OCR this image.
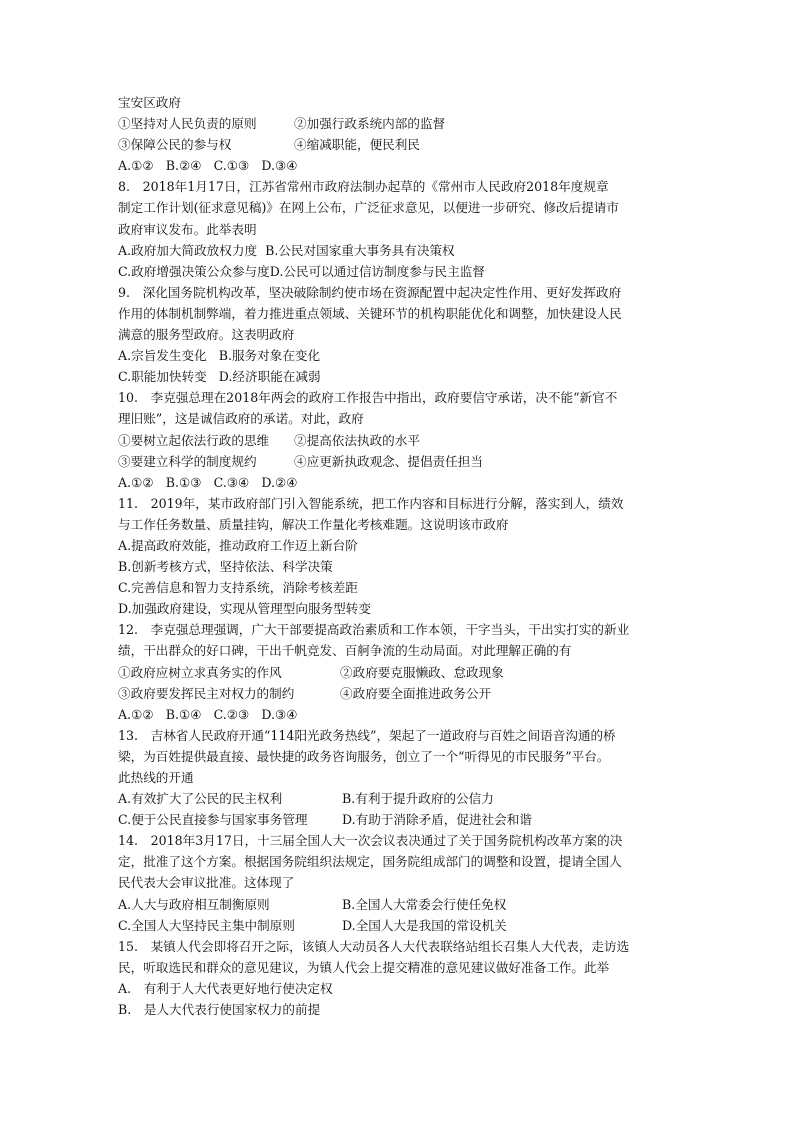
宝安区政府
①坚持对人民负责的原则	②加强行政系统内部的监督
③保障公民的参与权	④缩减职能，便民利民
A.①② B.②④ C.①③ D.③④
8.　2018年1月17日，江苏省常州市政府法制办起草的《常州市人民政府2018年度规章
制定工作计划(征求意见稿)》在网上公布，广泛征求意见，以便进一步研究、修改后提请市
政府审议发布。此举表明
A.政府加大简政放权力度 B.公民对国家重大事务具有决策权
C.政府增强决策公众参与度D.公民可以通过信访制度参与民主监督
9.　深化国务院机构改革，坚决破除制约使市场在资源配置中起决定性作用、更好发挥政府
作用的体制机制弊端，着力推进重点领域、关键环节的机构职能优化和调整，加快建设人民
满意的服务型政府。这表明政府
A.宗旨发生变化 B.服务对象在变化
C.职能加快转变 D.经济职能在减弱
10.　李克强总理在2018年两会的政府工作报告中指出，政府要信守承诺，决不能“新官不
理旧账”，这是诚信政府的承诺。对此，政府
①要树立起依法行政的思维 ②提高依法执政的水平
③要建立科学的制度规约	④应更新执政观念、提倡责任担当
A.①② B.①③ C.③④ D.②④
11.　2019年，某市政府部门引入智能系统，把工作内容和目标进行分解，落实到人，绩效
与工作任务数量、质量挂钩，解决工作量化考核难题。这说明该市政府
A.提高政府效能，推动政府工作迈上新台阶
B.创新考核方式，坚持依法、科学决策
C.完善信息和智力支持系统，消除考核差距
D.加强政府建设，实现从管理型向服务型转变
12.　李克强总理强调，广大干部要提高政治素质和工作本领，干字当头，干出实打实的新业
绩，干出群众的好口碑，干出千帆竞发、百舸争流的生动局面。对此理解正确的有
①政府应树立求真务实的作风	②政府要克服懒政、怠政现象
③政府要发挥民主对权力的制约	④政府要全面推进政务公开
A.①② B.①④ C.②③ D.③④
13.　吉林省人民政府开通“114阳光政务热线”，架起了一道政府与百姓之间语音沟通的桥
梁，为百姓提供最直接、最快捷的政务咨询服务，创立了一个“听得见的市民服务”平台。
此热线的开通
A.有效扩大了公民的民主权利	B.有利于提升政府的公信力
C.便于公民直接参与国家事务管理	D.有助于消除矛盾，促进社会和谐
14.　2018年3月17日，十三届全国人大一次会议表决通过了关于国务院机构改革方案的决
定，批准了这个方案。根据国务院组织法规定，国务院组成部门的调整和设置，提请全国人
民代表大会审议批准。这体现了
A.人大与政府相互制衡原则	B.全国人大常委会行使任免权
C.全国人大坚持民主集中制原则	D.全国人大是我国的常设机关
15.　某镇人代会即将召开之际，该镇人大动员各人大代表联络站组长召集人大代表，走访选
民，听取选民和群众的意见建议，为镇人代会上提交精准的意见建议做好准备工作。此举
A.　有利于人大代表更好地行使决定权
B.　是人大代表行使国家权力的前提
